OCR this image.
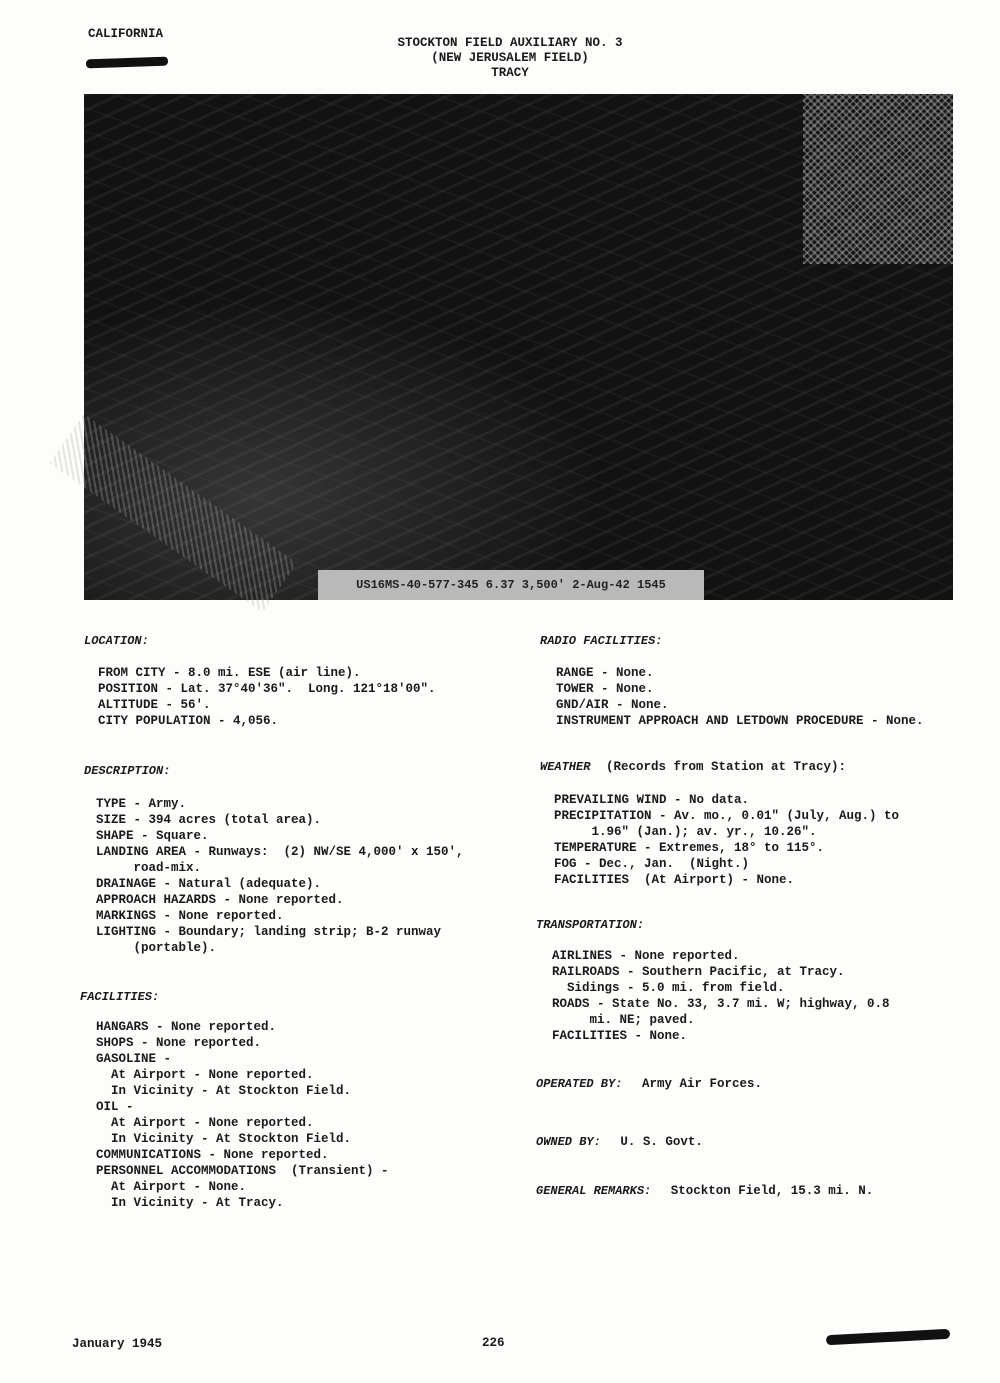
CALIFORNIA
STOCKTON FIELD AUXILIARY NO. 3
(NEW JERUSALEM FIELD)
TRACY
US16MS-40-577-345 6.37 3,500' 2-Aug-42 1545
LOCATION:
FROM CITY - 8.0 mi. ESE (air line).
POSITION - Lat. 37°40'36".  Long. 121°18'00".
ALTITUDE - 56'.
CITY POPULATION - 4,056.
DESCRIPTION:
TYPE - Army.
SIZE - 394 acres (total area).
SHAPE - Square.
LANDING AREA - Runways:  (2) NW/SE 4,000' x 150',
road-mix.
DRAINAGE - Natural (adequate).
APPROACH HAZARDS - None reported.
MARKINGS - None reported.
LIGHTING - Boundary; landing strip; B-2 runway
(portable).
FACILITIES:
HANGARS - None reported.
SHOPS - None reported.
GASOLINE -
At Airport - None reported.
In Vicinity - At Stockton Field.
OIL -
At Airport - None reported.
In Vicinity - At Stockton Field.
COMMUNICATIONS - None reported.
PERSONNEL ACCOMMODATIONS  (Transient) -
At Airport - None.
In Vicinity - At Tracy.
RADIO FACILITIES:
RANGE - None.
TOWER - None.
GND/AIR - None.
INSTRUMENT APPROACH AND LETDOWN PROCEDURE - None.
WEATHER (Records from Station at Tracy):
PREVAILING WIND - No data.
PRECIPITATION - Av. mo., 0.01" (July, Aug.) to
1.96" (Jan.); av. yr., 10.26".
TEMPERATURE - Extremes, 18° to 115°.
FOG - Dec., Jan.  (Night.)
FACILITIES  (At Airport) - None.
TRANSPORTATION:
AIRLINES - None reported.
RAILROADS - Southern Pacific, at Tracy.
Sidings - 5.0 mi. from field.
ROADS - State No. 33, 3.7 mi. W; highway, 0.8
mi. NE; paved.
FACILITIES - None.
OPERATED BY: Army Air Forces.
OWNED BY: U. S. Govt.
GENERAL REMARKS: Stockton Field, 15.3 mi. N.
January 1945	226
